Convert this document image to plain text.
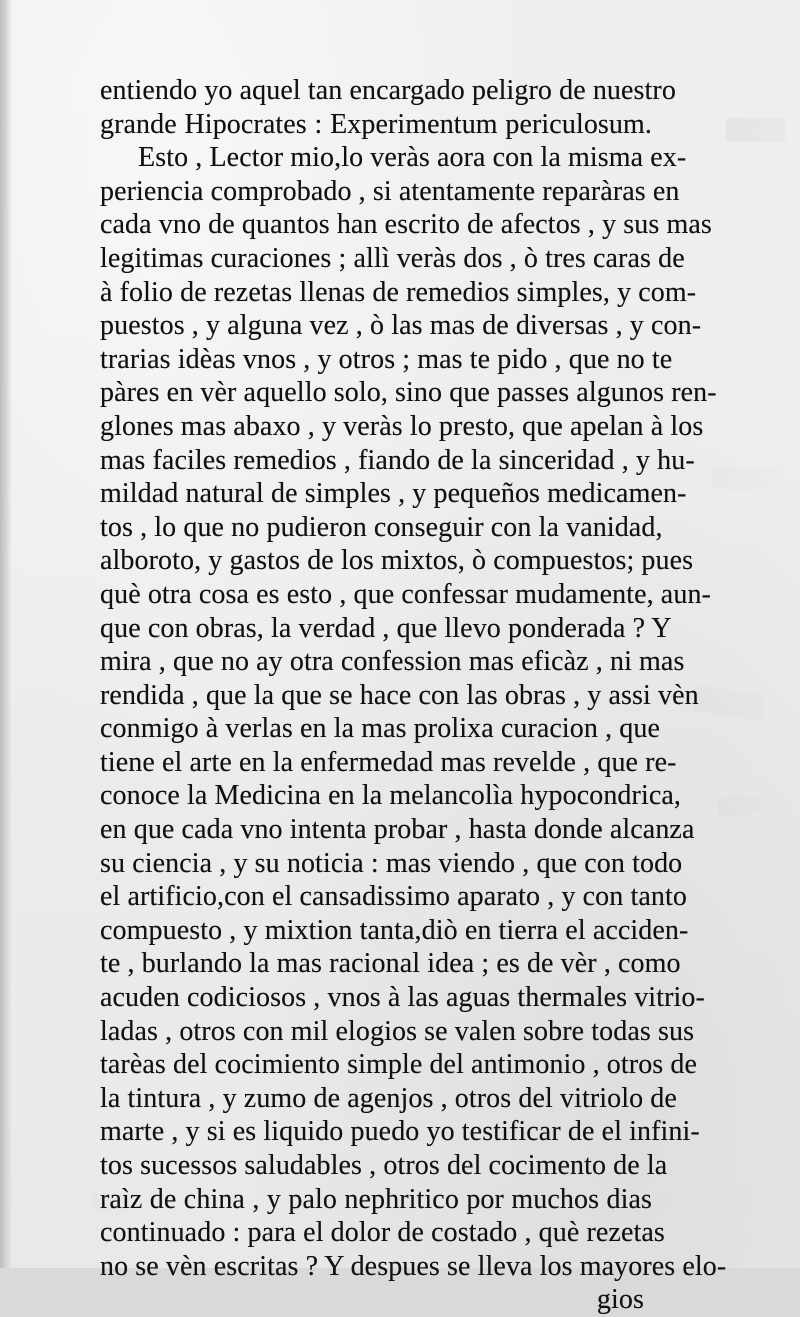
entiendo yo aquel tan encargado peligro de nuestro
grande Hipocrates : Experimentum periculosum.
Esto , Lector mio,lo veràs aora con la misma ex-
periencia comprobado , si atentamente reparàras en
cada vno de quantos han escrito de afectos , y sus mas
legitimas curaciones ; allì veràs dos , ò tres caras de
à folio de rezetas llenas de remedios simples, y com-
puestos , y alguna vez , ò las mas de diversas , y con-
trarias idèas vnos , y otros ; mas te pido , que no te
pàres en vèr aquello solo, sino que passes algunos ren-
glones mas abaxo , y veràs lo presto, que apelan à los
mas faciles remedios , fiando de la sinceridad , y hu-
mildad natural de simples , y pequeños medicamen-
tos , lo que no pudieron conseguir con la vanidad,
alboroto, y gastos de los mixtos, ò compuestos; pues
què otra cosa es esto , que confessar mudamente, aun-
que con obras, la verdad , que llevo ponderada ? Y
mira , que no ay otra confession mas eficàz , ni mas
rendida , que la que se hace con las obras , y assi vèn
conmigo à verlas en la mas prolixa curacion , que
tiene el arte en la enfermedad mas revelde , que re-
conoce la Medicina en la melancolìa hypocondrica,
en que cada vno intenta probar , hasta donde alcanza
su ciencia , y su noticia : mas viendo , que con todo
el artificio,con el cansadissimo aparato , y con tanto
compuesto , y mixtion tanta,diò en tierra el acciden-
te , burlando la mas racional idea ; es de vèr , como
acuden codiciosos , vnos à las aguas thermales vitrio-
ladas , otros con mil elogios se valen sobre todas sus
tarèas del cocimiento simple del antimonio , otros de
la tintura , y zumo de agenjos , otros del vitriolo de
marte , y si es liquido puedo yo testificar de el infini-
tos sucessos saludables , otros del cocimento de la
raìz de china , y palo nephritico por muchos dias
continuado : para el dolor de costado , què rezetas
no se vèn escritas ? Y despues se lleva los mayores elo-
gios
